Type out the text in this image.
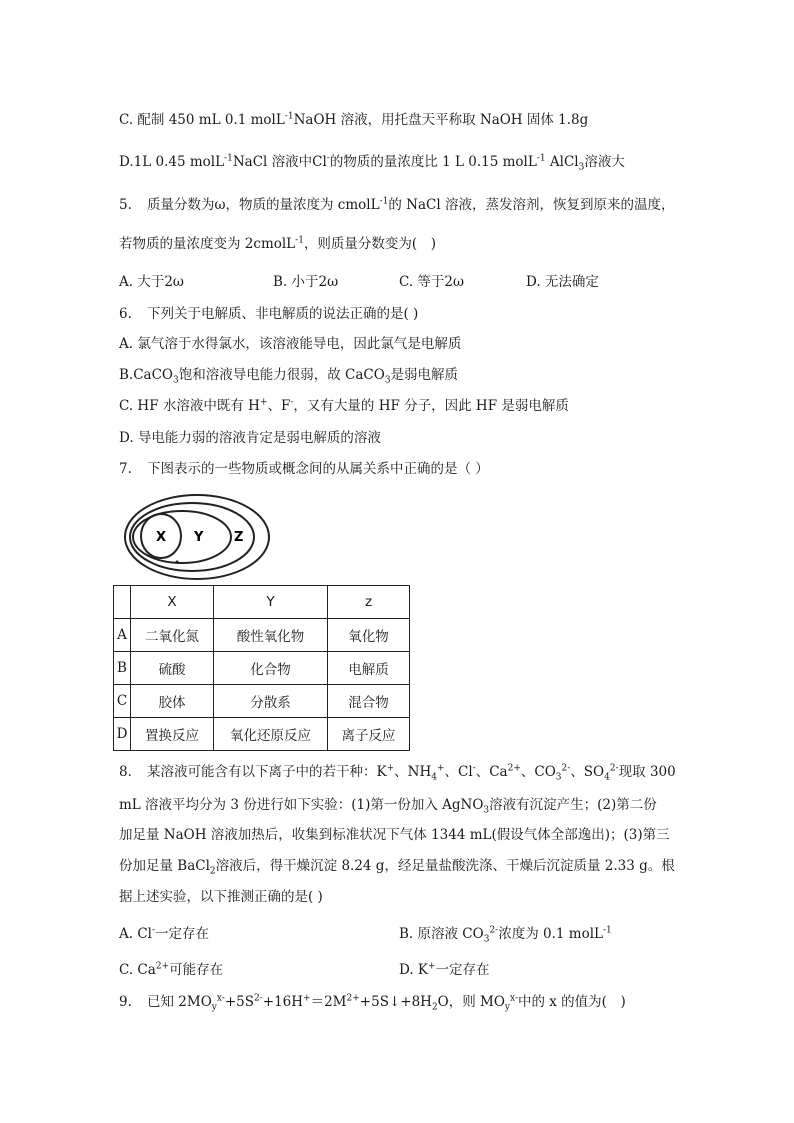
C. 配制 450 mL 0.1 molL$^{-1}$NaOH 溶液，用托盘天平称取 NaOH 固体 1.8g
D.1L 0.45 molL$^{-1}$NaCl 溶液中Cl-的物质的量浓度比 1 L 0.15 molL$^{-1}$ AlCl$_3$溶液大
5. 质量分数为ω，物质的量浓度为 cmolL$^{-1}$的 NaCl 溶液，蒸发溶剂，恢复到原来的温度，
若物质的量浓度变为 2cmolL$^{-1}$，则质量分数变为(　)
A. 大于2ω	B. 小于2ω	C. 等于2ω	D. 无法确定
6. 下列关于电解质、非电解质的说法正确的是( )
A. 氯气溶于水得氯水，该溶液能导电，因此氯气是电解质
B.CaCO$_3$饱和溶液导电能力很弱，故 CaCO$_3$是弱电解质
C. HF 水溶液中既有 H+、F-，又有大量的 HF 分子，因此 HF 是弱电解质
D. 导电能力弱的溶液肯定是弱电解质的溶液
7. 下图表示的一些物质或概念间的从属关系中正确的是（ ）
X Y Z
	X	Y	z
A	二氧化氮	酸性氧化物	氧化物
B	硫酸	化合物	电解质
C	胶体	分散系	混合物
D	置换反应	氧化还原反应	离子反应
8. 某溶液可能含有以下离子中的若干种：K+、$NH_4^+$、Cl-、$Ca^{2+}$、$CO_3^{2-}$、$SO_4^{2-}$现取 300
mL 溶液平均分为 3 份进行如下实验：(1)第一份加入 AgNO$_3$溶液有沉淀产生；(2)第二份
加足量 NaOH 溶液加热后，收集到标准状况下气体 1344 mL(假设气体全部逸出)；(3)第三
份加足量 BaCl$_2$溶液后，得干燥沉淀 8.24 g，经足量盐酸洗涤、干燥后沉淀质量 2.33 g。根
据上述实验，以下推测正确的是( )
A. Cl-一定存在	B. 原溶液 $CO_3^{2-}$浓度为 0.1 molL$^{-1}$
C. $Ca^{2+}$可能存在	D. K+一定存在
9. 已知 $2MO_y^{x-}+5S^{2-}+16H^+=2M^{2+}+5S↓+8H_2O$，则 $MO_y^{x-}$中的 x 的值为(　)
